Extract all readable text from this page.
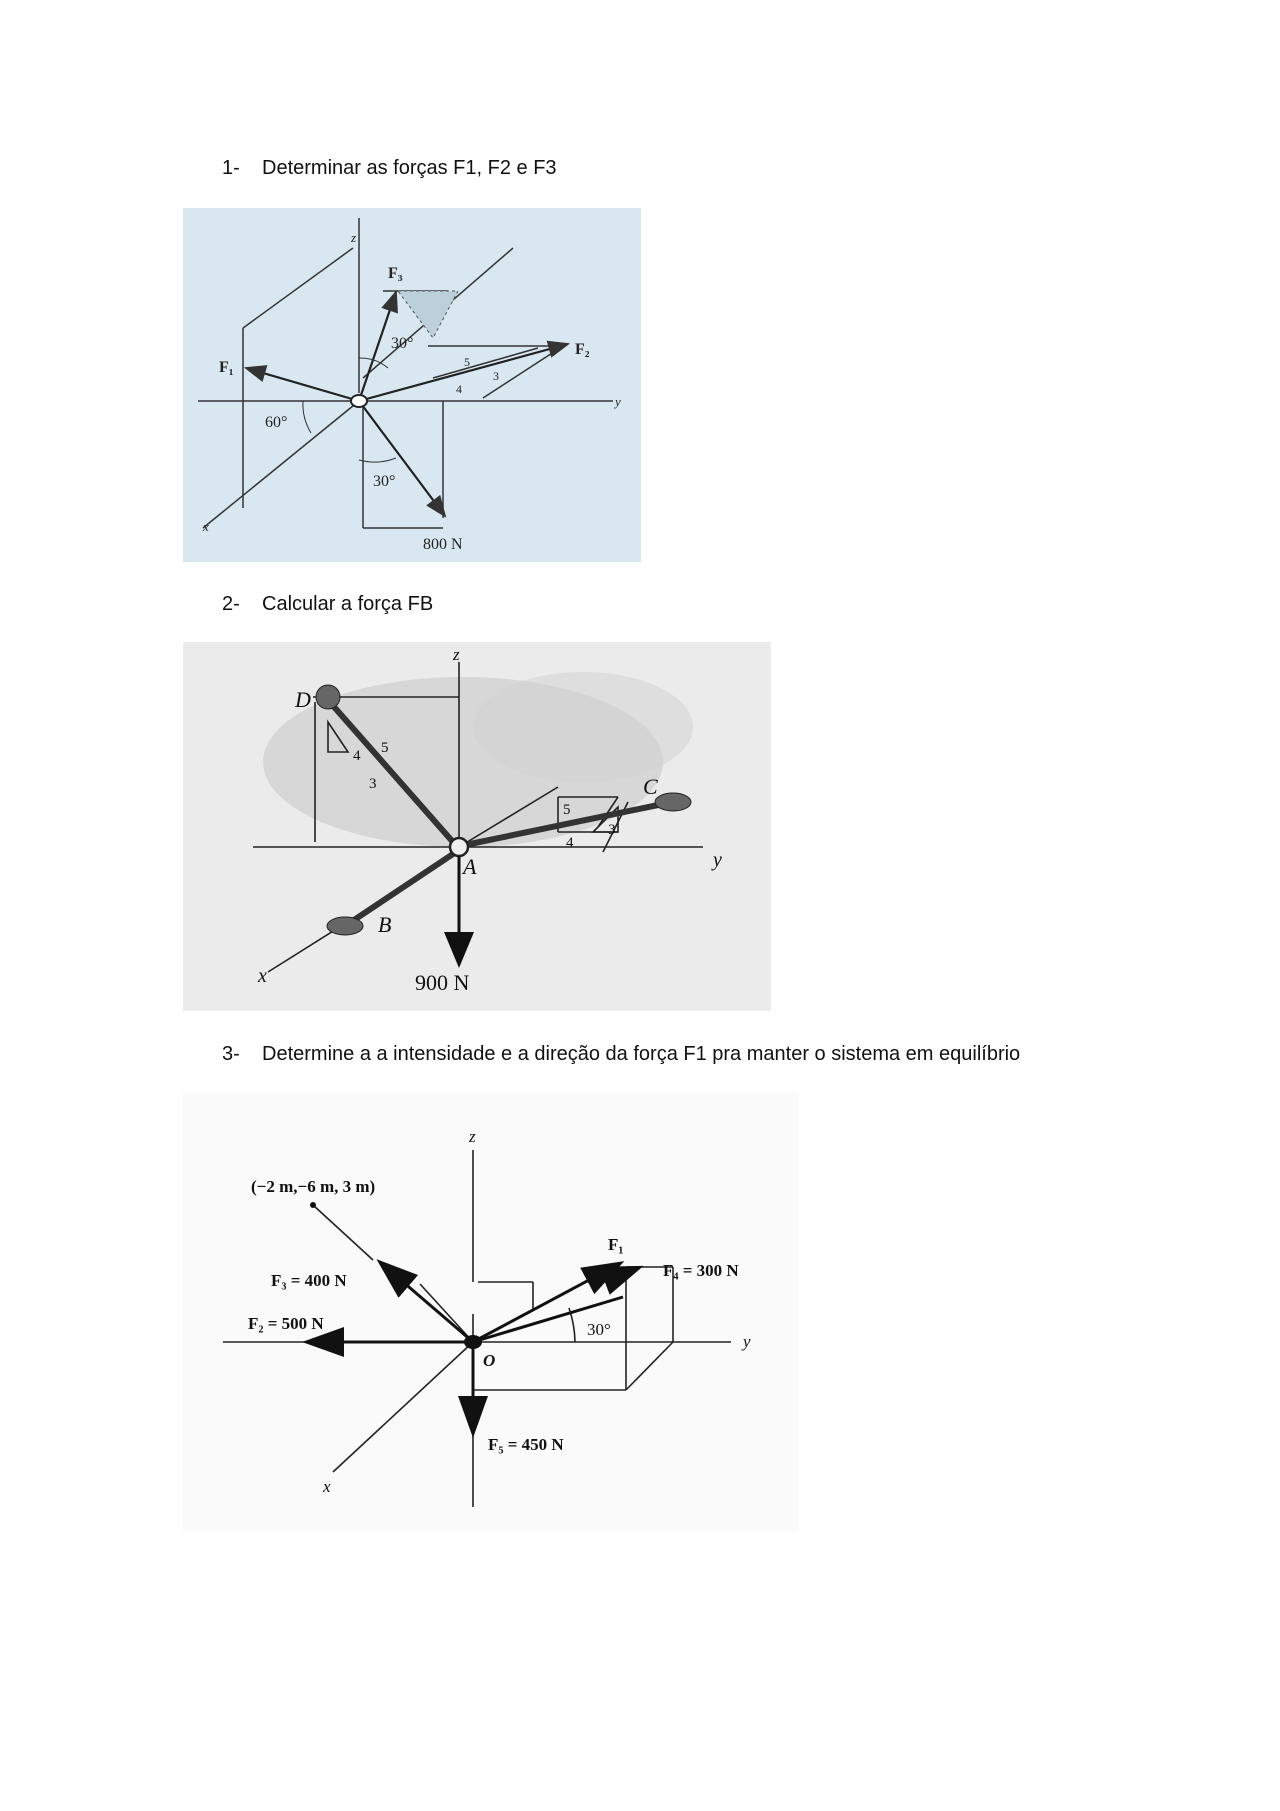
1-	Determinar as forças F1, F2 e F3
z
x
y
F₁
F₃
F₂
30°
60°
30°
5
4
3
800 N
2-	Calcular a força FB
z
x
y
D
C
B
A
4 5
3
5
4
3
900 N
3-	Determine a a intensidade e a direção da força F1 pra manter o sistema em equilíbrio
z
x
y
O
(−2 m,−6 m, 3 m)
F₁
F₂ = 500 N
F₃ = 400 N
F₄ = 300 N
F₅ = 450 N
30°
